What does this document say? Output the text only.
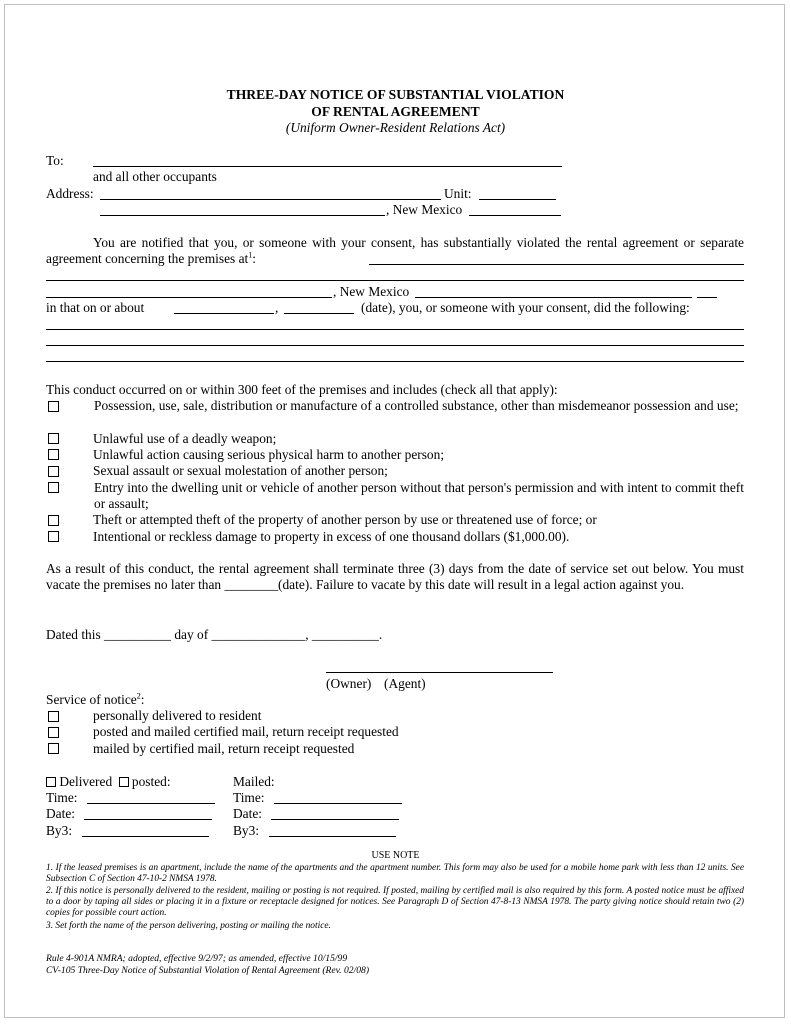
THREE-DAY NOTICE OF SUBSTANTIAL VIOLATION
OF RENTAL AGREEMENT
(Uniform Owner-Resident Relations Act)
To:
and all other occupants
Address:	Unit:
, New Mexico
You are notified that you, or someone with your consent, has substantially violated the rental agreement or separate agreement concerning the premises $at^1$:
, New Mexico
in that on or about	,	(date), you, or someone with your consent, did the following:
This conduct occurred on or within 300 feet of the premises and includes (check all that apply):
Possession, use, sale, distribution or manufacture of a controlled substance, other than misdemeanor possession and use;
Unlawful use of a deadly weapon;
Unlawful action causing serious physical harm to another person;
Sexual assault or sexual molestation of another person;
Entry into the dwelling unit or vehicle of another person without that person's permission and with intent to commit theft or assault;
Theft or attempted theft of the property of another person by use or threatened use of force; or
Intentional or reckless damage to property in excess of one thousand dollars ($1,000.00).
As a result of this conduct, the rental agreement shall terminate three (3) days from the date of service set out below. You must vacate the premises no later than ________(date). Failure to vacate by this date will result in a legal action against you.
Dated this __________ day of ______________, __________.
(Owner) (Agent)
Service of notice$^2$:
personally delivered to resident
posted and mailed certified mail, return receipt requested
mailed by certified mail, return receipt requested
Delivered posted:	Mailed:
Time:	Time:
Date:	Date:
By3:	By3:
USE NOTE
1. If the leased premises is an apartment, include the name of the apartments and the apartment number. This form may also be used for a mobile home park with less than 12 units. See Subsection C of Section 47-10-2 NMSA 1978.
2. If this notice is personally delivered to the resident, mailing or posting is not required. If posted, mailing by certified mail is also required by this form. A posted notice must be affixed to a door by taping all sides or placing it in a fixture or receptacle designed for notices. See Paragraph D of Section 47-8-13 NMSA 1978. The party giving notice should retain two (2) copies for possible court action.
3. Set forth the name of the person delivering, posting or mailing the notice.
Rule 4-901A NMRA; adopted, effective 9/2/97; as amended, effective 10/15/99
CV-105 Three-Day Notice of Substantial Violation of Rental Agreement (Rev. 02/08)
